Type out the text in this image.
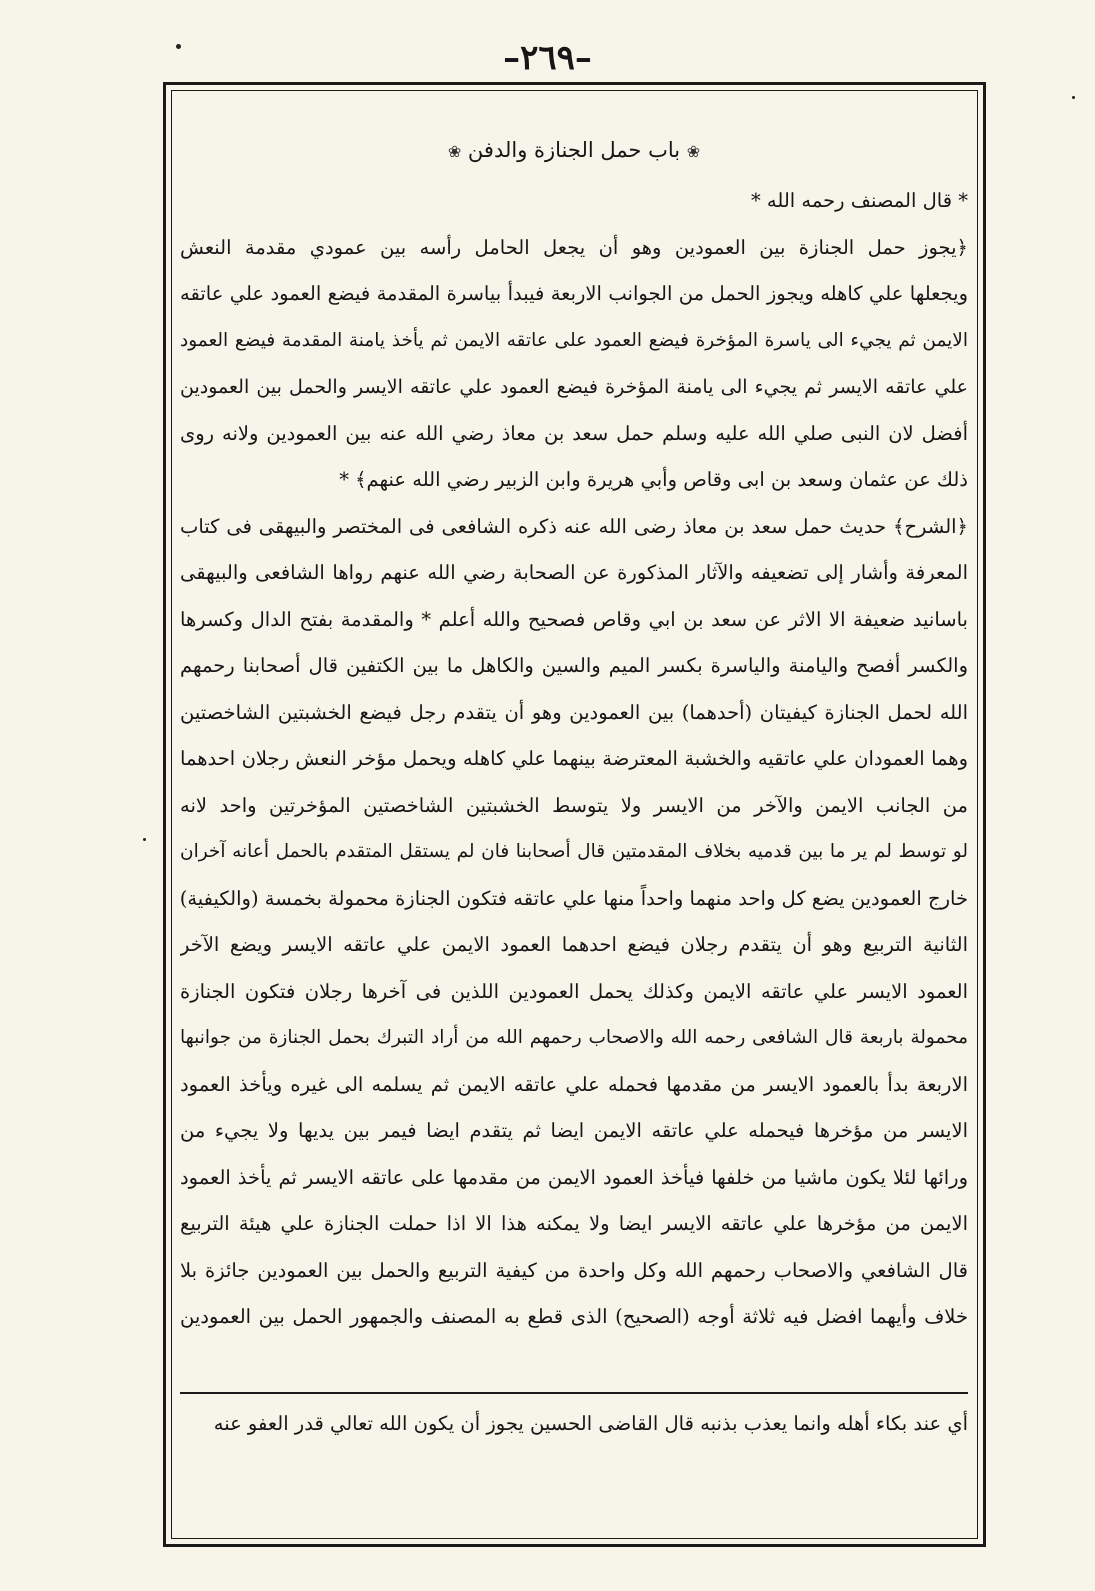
–٢٦٩–
❀ باب حمل الجنازة والدفن ❀
* قال المصنف رحمه الله *
﴿يجوز حمل الجنازة بين العمودين وهو أن يجعل الحامل رأسه بين عمودي مقدمة النعش
ويجعلها علي كاهله ويجوز الحمل من الجوانب الاربعة فيبدأ بياسرة المقدمة فيضع العمود علي عاتقه
الايمن ثم يجيء الى ياسرة المؤخرة فيضع العمود على عاتقه الايمن ثم يأخذ يامنة المقدمة فيضع العمود
علي عاتقه الايسر ثم يجيء الى يامنة المؤخرة فيضع العمود علي عاتقه الايسر والحمل بين العمودين
أفضل لان النبى صلي الله عليه وسلم حمل سعد بن معاذ رضي الله عنه بين العمودين ولانه روى
ذلك عن عثمان وسعد بن ابى وقاص وأبي هريرة وابن الزبير رضي الله عنهم﴾ *
﴿الشرح﴾ حديث حمل سعد بن معاذ رضى الله عنه ذكره الشافعى فى المختصر والبيهقى فى كتاب
المعرفة وأشار إلى تضعيفه والآثار المذكورة عن الصحابة رضي الله عنهم رواها الشافعى والبيهقى
باسانيد ضعيفة الا الاثر عن سعد بن ابي وقاص فصحيح والله أعلم * والمقدمة بفتح الدال وكسرها
والكسر أفصح واليامنة والياسرة بكسر الميم والسين والكاهل ما بين الكتفين قال أصحابنا رحمهم
الله لحمل الجنازة كيفيتان (أحدهما) بين العمودين وهو أن يتقدم رجل فيضع الخشبتين الشاخصتين
وهما العمودان علي عاتقيه والخشبة المعترضة بينهما علي كاهله ويحمل مؤخر النعش رجلان احدهما
من الجانب الايمن والآخر من الايسر ولا يتوسط الخشبتين الشاخصتين المؤخرتين واحد لانه
لو توسط لم ير ما بين قدميه بخلاف المقدمتين قال أصحابنا فان لم يستقل المتقدم بالحمل أعانه آخران
خارج العمودين يضع كل واحد منهما واحداً منها علي عاتقه فتكون الجنازة محمولة بخمسة (والكيفية)
الثانية التربيع وهو أن يتقدم رجلان فيضع احدهما العمود الايمن علي عاتقه الايسر ويضع الآخر
العمود الايسر علي عاتقه الايمن وكذلك يحمل العمودين اللذين فى آخرها رجلان فتكون الجنازة
محمولة باربعة قال الشافعى رحمه الله والاصحاب رحمهم الله من أراد التبرك بحمل الجنازة من جوانبها
الاربعة بدأ بالعمود الايسر من مقدمها فحمله علي عاتقه الايمن ثم يسلمه الى غيره ويأخذ العمود
الايسر من مؤخرها فيحمله علي عاتقه الايمن ايضا ثم يتقدم ايضا فيمر بين يديها ولا يجيء من
ورائها لئلا يكون ماشيا من خلفها فيأخذ العمود الايمن من مقدمها على عاتقه الايسر ثم يأخذ العمود
الايمن من مؤخرها علي عاتقه الايسر ايضا ولا يمكنه هذا الا اذا حملت الجنازة علي هيئة التربيع
قال الشافعي والاصحاب رحمهم الله وكل واحدة من كيفية التربيع والحمل بين العمودين جائزة بلا
خلاف وأيهما افضل فيه ثلاثة أوجه (الصحيح) الذى قطع به المصنف والجمهور الحمل بين العمودين
أي عند بكاء أهله وانما يعذب بذنبه قال القاضى الحسين يجوز أن يكون الله تعالي قدر العفو عنه
